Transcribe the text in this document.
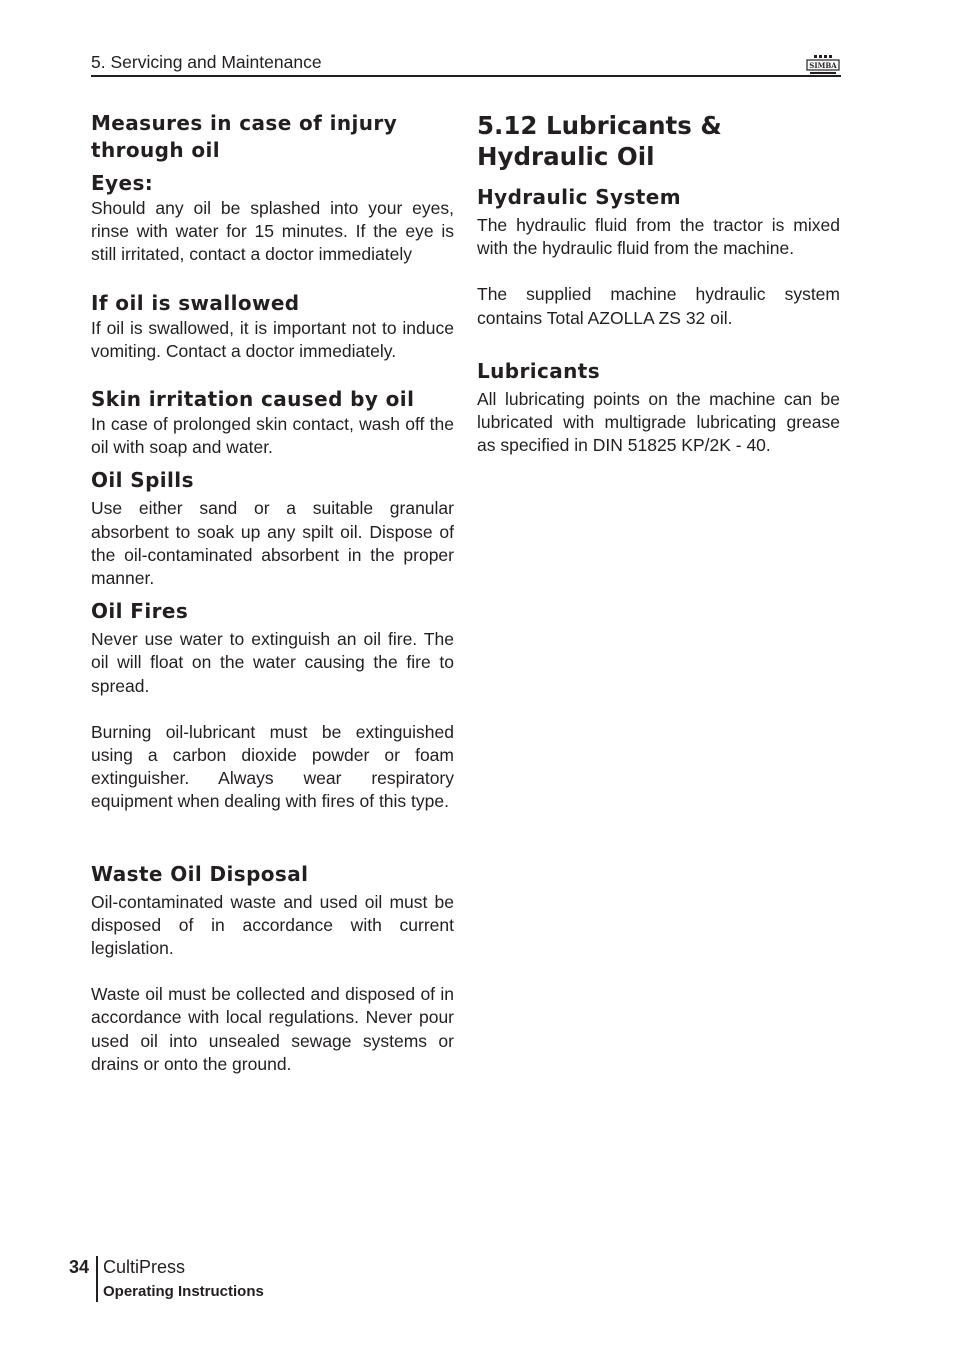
5. Servicing and Maintenance	SIMBA
Measures in case of injury through oil
Eyes:

Should any oil be splashed into your eyes, rinse with water for 15 minutes. If the eye is still irritated, contact a doctor immediately

If oil is swallowed

If oil is swallowed, it is important not to induce vomiting. Contact a doctor immediately.

Skin irritation caused by oil

In case of prolonged skin contact, wash off the oil with soap and water.

Oil Spills

Use either sand or a suitable granular absorbent to soak up any spilt oil. Dispose of the oil-contaminated absorbent in the proper manner.

Oil Fires

Never use water to extinguish an oil fire. The oil will float on the water causing the fire to spread.

Burning oil-lubricant must be extinguished using a carbon dioxide powder or foam extinguisher. Always wear respiratory equipment when dealing with fires of this type.

Waste Oil Disposal

Oil-contaminated waste and used oil must be disposed of in accordance with current legislation.

Waste oil must be collected and disposed of in accordance with local regulations. Never pour used oil into unsealed sewage systems or drains or onto the ground.

5.12 Lubricants & Hydraulic Oil
Hydraulic System

The hydraulic fluid from the tractor is mixed with the hydraulic fluid from the machine.

The supplied machine hydraulic system contains Total AZOLLA ZS 32 oil.

Lubricants

All lubricating points on the machine can be lubricated with multigrade lubricating grease as specified in DIN 51825 KP/2K - 40.

34 CultiPress
Operating Instructions
